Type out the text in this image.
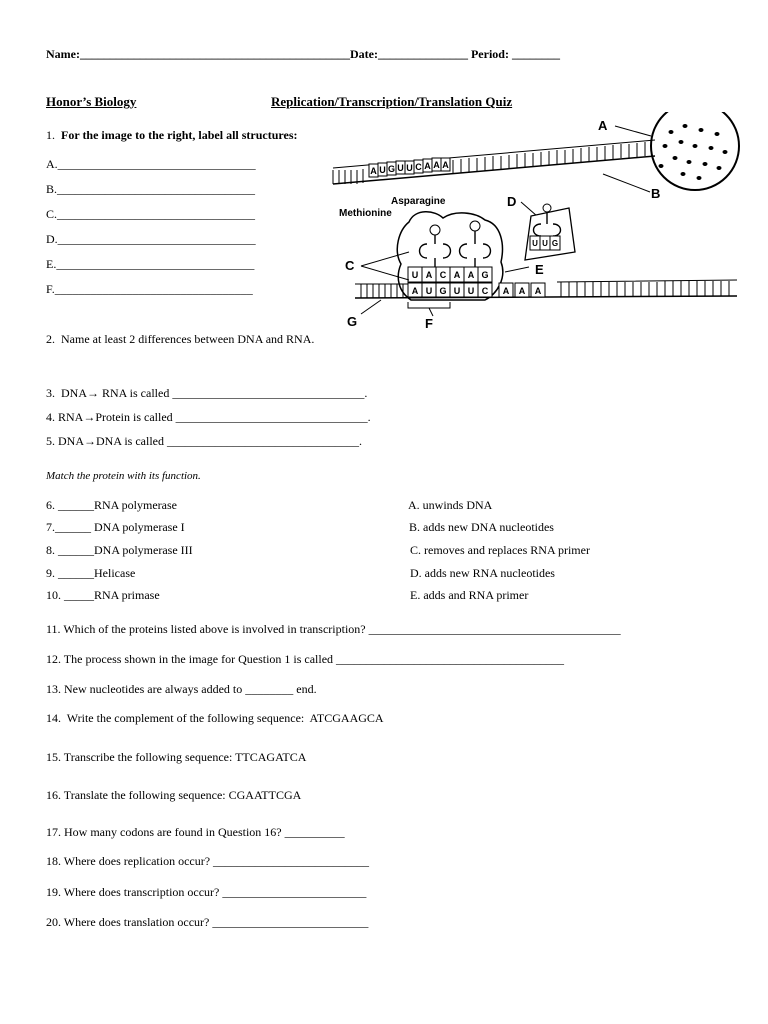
Name:_____________________________________________Date:_______________ Period: ________
Honor’s Biology	Replication/Transcription/Translation Quiz
1. For the image to the right, label all structures:
A._________________________________
B._________________________________
C._________________________________
D._________________________________
E._________________________________
F._________________________________
A U G U U C A A A
A
B
Asparagine
Methionine
D
U U G
E
U A C A A G
C
A U G U U C A A A
F
G
2.  Name at least 2 differences between DNA and RNA.
3.  DNA→ RNA is called ________________________________.
4. RNA→Protein is called ________________________________.
5. DNA→DNA is called ________________________________.
Match the protein with its function.
6. ______RNA polymerase
7.______ DNA polymerase I
8. ______DNA polymerase III
9. ______Helicase
10. _____RNA primase
A. unwinds DNA
B. adds new DNA nucleotides
C. removes and replaces RNA primer
D. adds new RNA nucleotides
E. adds and RNA primer
11. Which of the proteins listed above is involved in transcription? __________________________________________
12. The process shown in the image for Question 1 is called ______________________________________
13. New nucleotides are always added to ________ end.
14.  Write the complement of the following sequence:  ATCGAAGCA
15. Transcribe the following sequence: TTCAGATCA
16. Translate the following sequence: CGAATTCGA
17. How many codons are found in Question 16? __________
18. Where does replication occur? __________________________
19. Where does transcription occur? ________________________
20. Where does translation occur? __________________________
